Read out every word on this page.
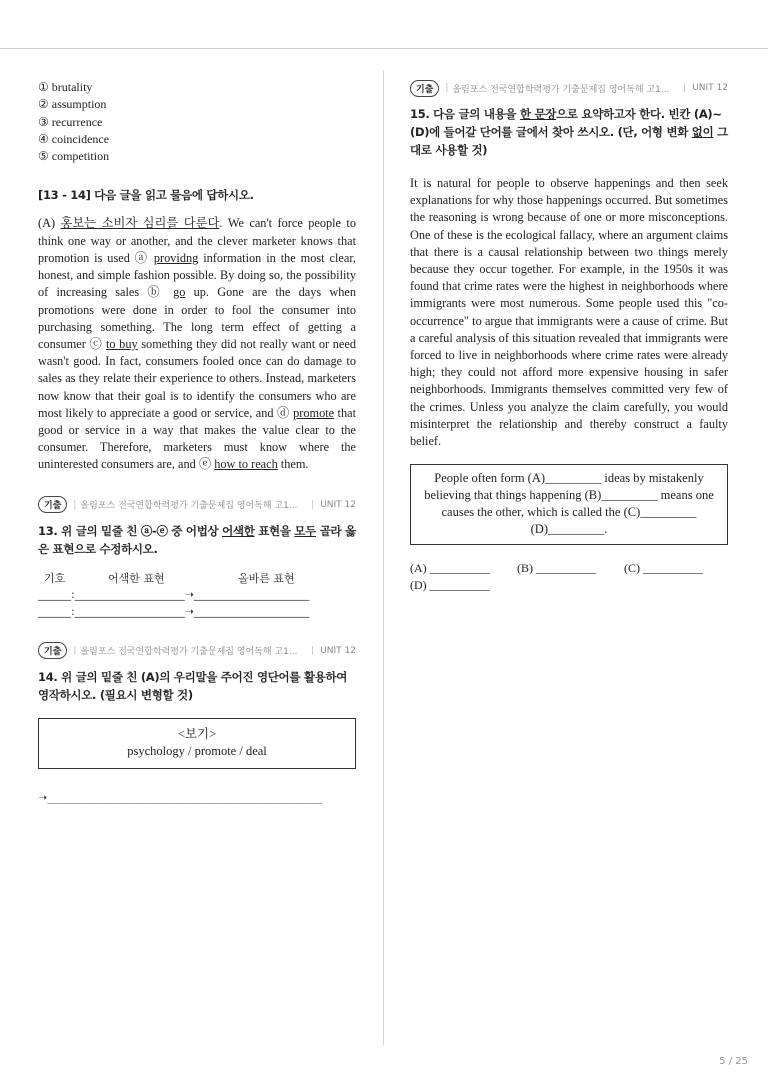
① brutality
② assumption
③ recurrence
④ coincidence
⑤ competition
[13 - 14] 다음 글을 읽고 물음에 답하시오.
(A) 홍보는 소비자 심리를 다룬다. We can't force people to think one way or another, and the clever marketer knows that promotion is used ⓐ providng information in the most clear, honest, and simple fashion possible. By doing so, the possibility of increasing sales ⓑ go up. Gone are the days when promotions were done in order to fool the consumer into purchasing something. The long term effect of getting a consumer ⓒ to buy something they did not really want or need wasn't good. In fact, consumers fooled once can do damage to sales as they relate their experience to others. Instead, marketers now know that their goal is to identify the consumers who are most likely to appreciate a good or service, and ⓓ promote that good or service in a way that makes the value clear to the consumer. Therefore, marketers must know where the uninterested consumers are, and ⓔ how to reach them.
기출	| 올림포스 전국연합학력평가 기출문제집 영어독해 고1... | UNIT 12
13. 위 글의 밑줄 친 ⓐ-ⓔ 중 어법상 어색한 표현을 모두 골라 옳은 표현으로 수정하시오.
기호	어색한 표현	올바른 표현
______:____________________➝_____________________
______:____________________➝_____________________
기출	| 올림포스 전국연합학력평가 기출문제집 영어독해 고1... | UNIT 12
14. 위 글의 밑줄 친 (A)의 우리말을 주어진 영단어를 활용하여 영작하시오. (필요시 변형할 것)
<보기>
psychology / promote / deal
➝__________________________________________________
기출	| 올림포스 전국연합학력평가 기출문제집 영어독해 고1... | UNIT 12
15. 다음 글의 내용을 한 문장으로 요약하고자 한다. 빈칸 (A)~(D)에 들어갈 단어를 글에서 찾아 쓰시오. (단, 어형 변화 없이 그대로 사용할 것)
It is natural for people to observe happenings and then seek explanations for why those happenings occurred. But sometimes the reasoning is wrong because of one or more misconceptions. One of these is the ecological fallacy, where an argument claims that there is a causal relationship between two things merely because they occur together. For example, in the 1950s it was found that crime rates were the highest in neighborhoods where immigrants were most numerous. Some people used this "co-occurrence" to argue that immigrants were a cause of crime. But a careful analysis of this situation revealed that immigrants were forced to live in neighborhoods where crime rates were already high; they could not afford more expensive housing in safer neighborhoods. Immigrants themselves committed very few of the crimes. Unless you analyze the claim carefully, you would misinterpret the relationship and thereby construct a faulty belief.
People often form (A)_________ ideas by mistakenly believing that things happening (B)_________ means one causes the other, which is called the (C)_________ (D)_________.
(A) __________ (B) __________ (C) __________
(D) __________
5 / 25
